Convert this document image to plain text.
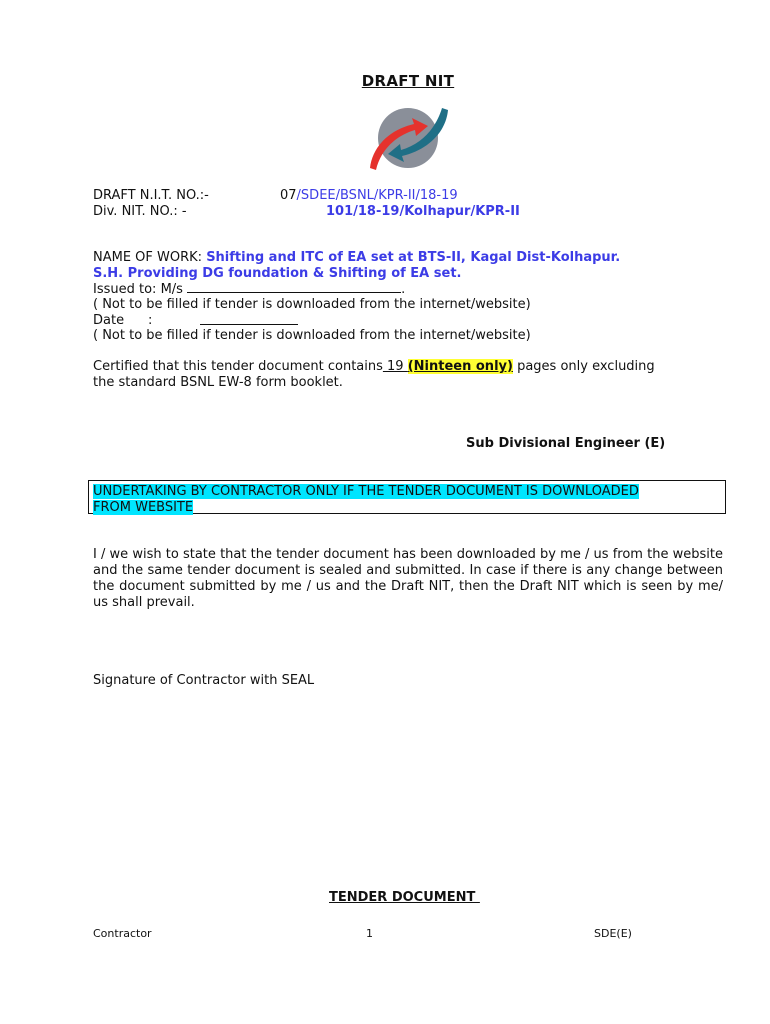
DRAFT NIT
DRAFT N.I.T. NO.:-	07/SDEE/BSNL/KPR-II/18-19
Div. NIT. NO.: -	101/18-19/Kolhapur/KPR-II
NAME OF WORK: Shifting and ITC of EA set at BTS-II, Kagal Dist-Kolhapur.
S.H. Providing DG foundation & Shifting of EA set.
Issued to: M/s	.
( Not to be filled if tender is downloaded from the internet/website)
Date :
( Not to be filled if tender is downloaded from the internet/website)
Certified that this tender document contains 19 (Ninteen only) pages only excluding
the standard BSNL EW-8 form booklet.
Sub Divisional Engineer (E)
UNDERTAKING BY CONTRACTOR ONLY IF THE TENDER DOCUMENT IS DOWNLOADED
FROM WEBSITE
I / we wish to state that the tender document has been downloaded by me / us from the website and the same tender document is sealed and submitted. In case if there is any change between the document submitted by me / us and the Draft NIT, then the Draft NIT which is seen by me/ us shall prevail.
Signature of Contractor with SEAL
TENDER DOCUMENT
Contractor	1	SDE(E)
